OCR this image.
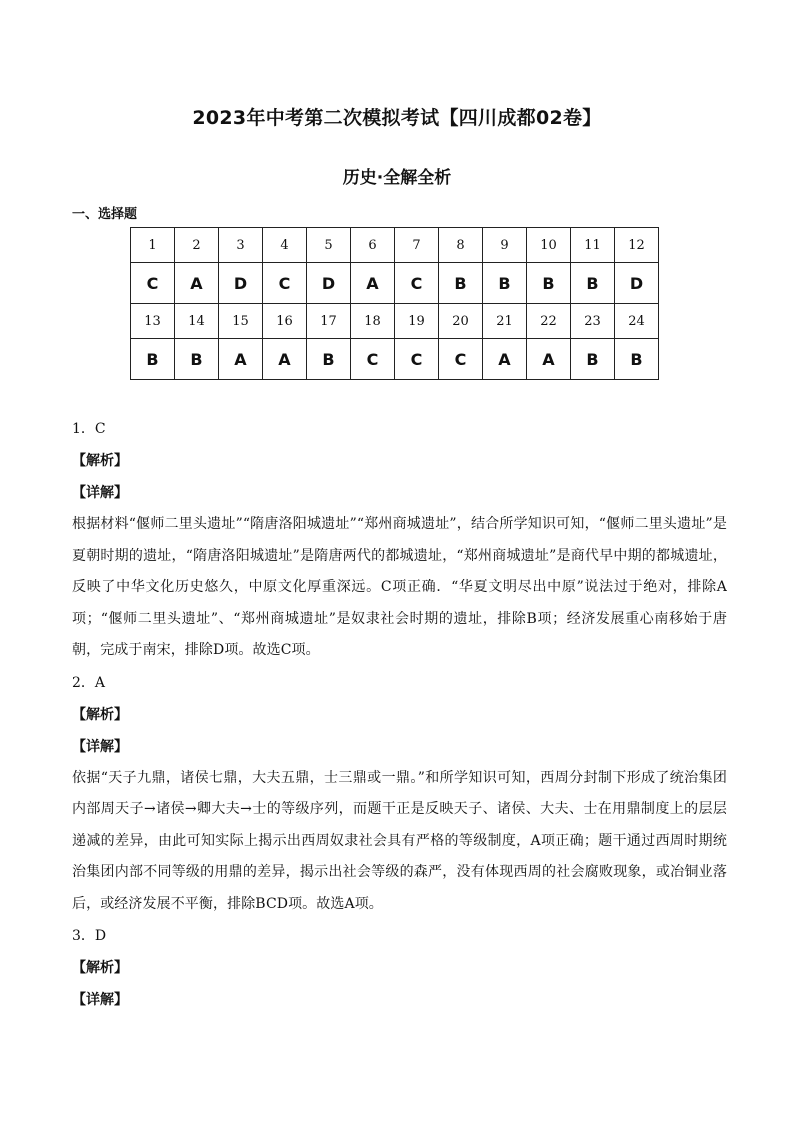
2023年中考第二次模拟考试【四川成都02卷】
历史·全解全析
一、选择题
1	2	3	4	5	6	7	8	9	10	11	12
C	A	D	C	D	A	C	B	B	B	B	D
13	14	15	16	17	18	19	20	21	22	23	24
B	B	A	A	B	C	C	C	A	A	B	B
1．C
【解析】
【详解】
根据材料“偃师二里头遗址”“隋唐洛阳城遗址”“郑州商城遗址”，结合所学知识可知，“偃师二里头遗址”是夏朝时期的遗址，“隋唐洛阳城遗址”是隋唐两代的都城遗址，“郑州商城遗址”是商代早中期的都城遗址，反映了中华文化历史悠久，中原文化厚重深远。C项正确．“华夏文明尽出中原”说法过于绝对，排除A项；“偃师二里头遗址”、“郑州商城遗址”是奴隶社会时期的遗址，排除B项；经济发展重心南移始于唐朝，完成于南宋，排除D项。故选C项。
2．A
【解析】
【详解】
依据“天子九鼎，诸侯七鼎，大夫五鼎，士三鼎或一鼎。”和所学知识可知，西周分封制下形成了统治集团内部周天子→诸侯→卿大夫→士的等级序列，而题干正是反映天子、诸侯、大夫、士在用鼎制度上的层层递减的差异，由此可知实际上揭示出西周奴隶社会具有严格的等级制度，A项正确；题干通过西周时期统治集团内部不同等级的用鼎的差异，揭示出社会等级的森严，没有体现西周的社会腐败现象，或冶铜业落后，或经济发展不平衡，排除BCD项。故选A项。
3．D
【解析】
【详解】
